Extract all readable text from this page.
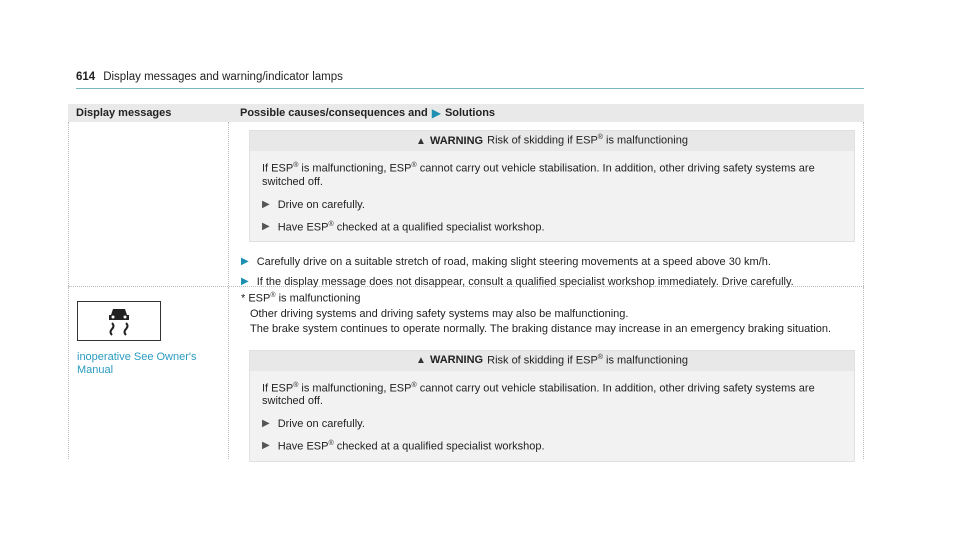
614 Display messages and warning/indicator lamps
Display messages	Possible causes/consequences and ▶ Solutions
▲ WARNING Risk of skidding if ESP® is malfunctioning

If ESP® is malfunctioning, ESP® cannot carry out vehicle stabilisation. In addition, other driving safety systems are switched off.

▶ Drive on carefully.
▶ Have ESP® checked at a qualified specialist workshop.
▶ Carefully drive on a suitable stretch of road, making slight steering movements at a speed above 30 km/h.
▶ If the display message does not disappear, consult a qualified specialist workshop immediately. Drive carefully.
inoperative See Owner's Manual

* ESP® is malfunctioning

Other driving systems and driving safety systems may also be malfunctioning.

The brake system continues to operate normally. The braking distance may increase in an emergency braking situation.

▲ WARNING Risk of skidding if ESP® is malfunctioning

If ESP® is malfunctioning, ESP® cannot carry out vehicle stabilisation. In addition, other driving safety systems are switched off.

▶ Drive on carefully.
▶ Have ESP® checked at a qualified specialist workshop.
